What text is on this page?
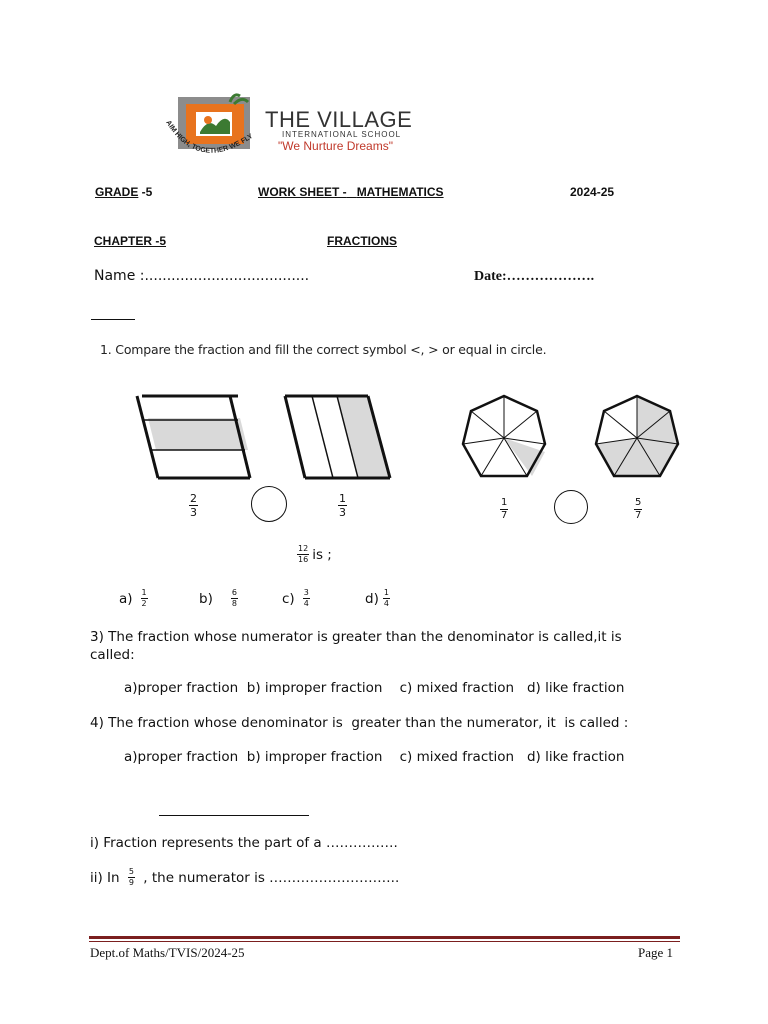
AIM HIGH, TOGETHER WE FLY
THE VILLAGE
INTERNATIONAL SCHOOL
"We Nurture Dreams"
GRADE -5	WORK SHEET - MATHEMATICS	2024-25
CHAPTER -5	FRACTIONS
Name :.....................................	Date:……………….
1. Compare the fraction and fill the correct symbol <, > or equal in circle.
$\frac{2}{3}$	$\frac{1}{3}$	$\frac{1}{7}$	$\frac{5}{7}$
$\frac{12}{16}$ is ;
$a) \frac{1}{2}$	$b) \frac{6}{8}$	$c) \frac{3}{4}$	$d) \frac{1}{4}$
3) The fraction whose numerator is greater than the denominator is called,it is called:
a)proper fraction  b) improper fraction    c) mixed fraction   d) like fraction
4) The fraction whose denominator is  greater than the numerator, it  is called :
a)proper fraction  b) improper fraction    c) mixed fraction   d) like fraction
i) Fraction represents the part of a …………….
ii) In $\frac{5}{9}$ , the numerator is ………………………..
Dept.of Maths/TVIS/2024-25	Page 1
